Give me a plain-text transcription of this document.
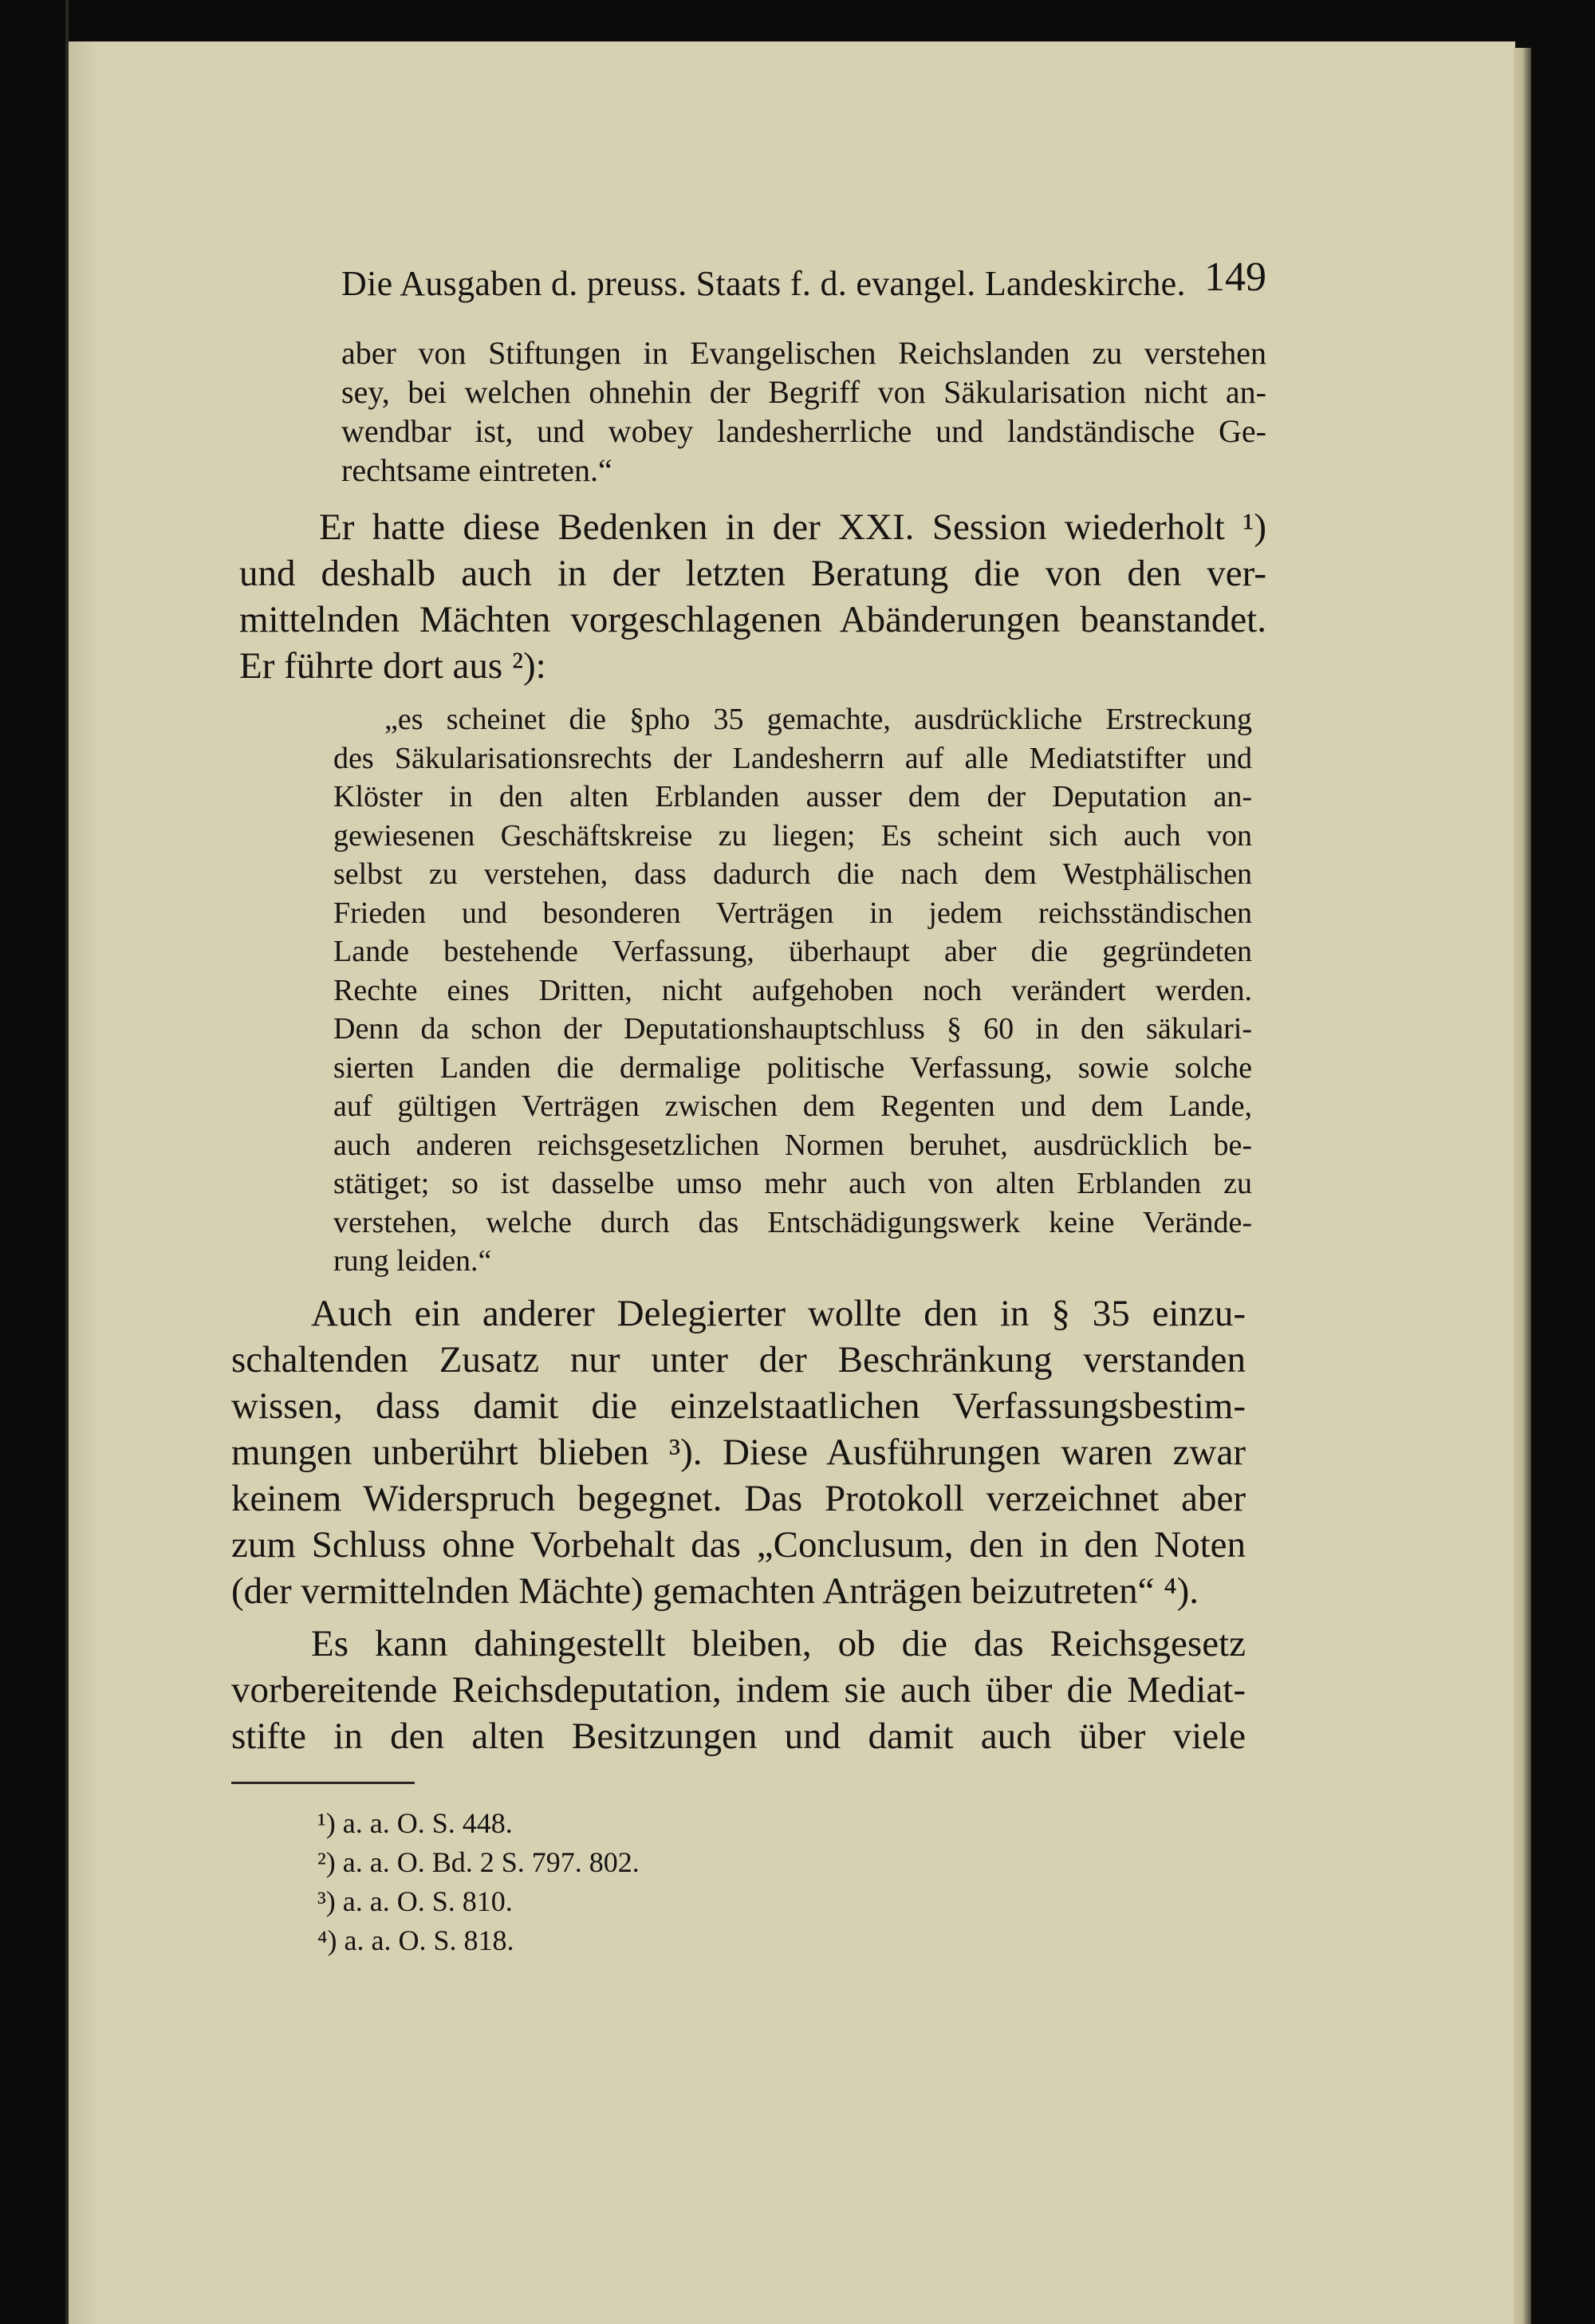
Die Ausgaben d. preuss. Staats f. d. evangel. Landeskirche. 149

aber von Stiftungen in Evangelischen Reichslanden zu verstehen

sey, bei welchen ohnehin der Begriff von Säkularisation nicht an-

wendbar ist, und wobey landesherrliche und landständische Ge-

rechtsame eintreten.“

Er hatte diese Bedenken in der XXI. Session wiederholt ¹)

und deshalb auch in der letzten Beratung die von den ver-

mittelnden Mächten vorgeschlagenen Abänderungen beanstandet.

Er führte dort aus ²):

„es scheinet die §pho 35 gemachte, ausdrückliche Erstreckung

des Säkularisationsrechts der Landesherrn auf alle Mediatstifter und

Klöster in den alten Erblanden ausser dem der Deputation an-

gewiesenen Geschäftskreise zu liegen; Es scheint sich auch von

selbst zu verstehen, dass dadurch die nach dem Westphälischen

Frieden und besonderen Verträgen in jedem reichsständischen

Lande bestehende Verfassung, überhaupt aber die gegründeten

Rechte eines Dritten, nicht aufgehoben noch verändert werden.

Denn da schon der Deputationshauptschluss § 60 in den säkulari-

sierten Landen die dermalige politische Verfassung, sowie solche

auf gültigen Verträgen zwischen dem Regenten und dem Lande,

auch anderen reichsgesetzlichen Normen beruhet, ausdrücklich be-

stätiget; so ist dasselbe umso mehr auch von alten Erblanden zu

verstehen, welche durch das Entschädigungswerk keine Verände-

rung leiden.“

Auch ein anderer Delegierter wollte den in § 35 einzu-

schaltenden Zusatz nur unter der Beschränkung verstanden

wissen, dass damit die einzelstaatlichen Verfassungsbestim-

mungen unberührt blieben ³). Diese Ausführungen waren zwar

keinem Widerspruch begegnet. Das Protokoll verzeichnet aber

zum Schluss ohne Vorbehalt das „Conclusum, den in den Noten

(der vermittelnden Mächte) gemachten Anträgen beizutreten“ ⁴).

Es kann dahingestellt bleiben, ob die das Reichsgesetz

vorbereitende Reichsdeputation, indem sie auch über die Mediat-

stifte in den alten Besitzungen und damit auch über viele

¹) a. a. O. S. 448.
²) a. a. O. Bd. 2 S. 797. 802.
³) a. a. O. S. 810.
⁴) a. a. O. S. 818.
